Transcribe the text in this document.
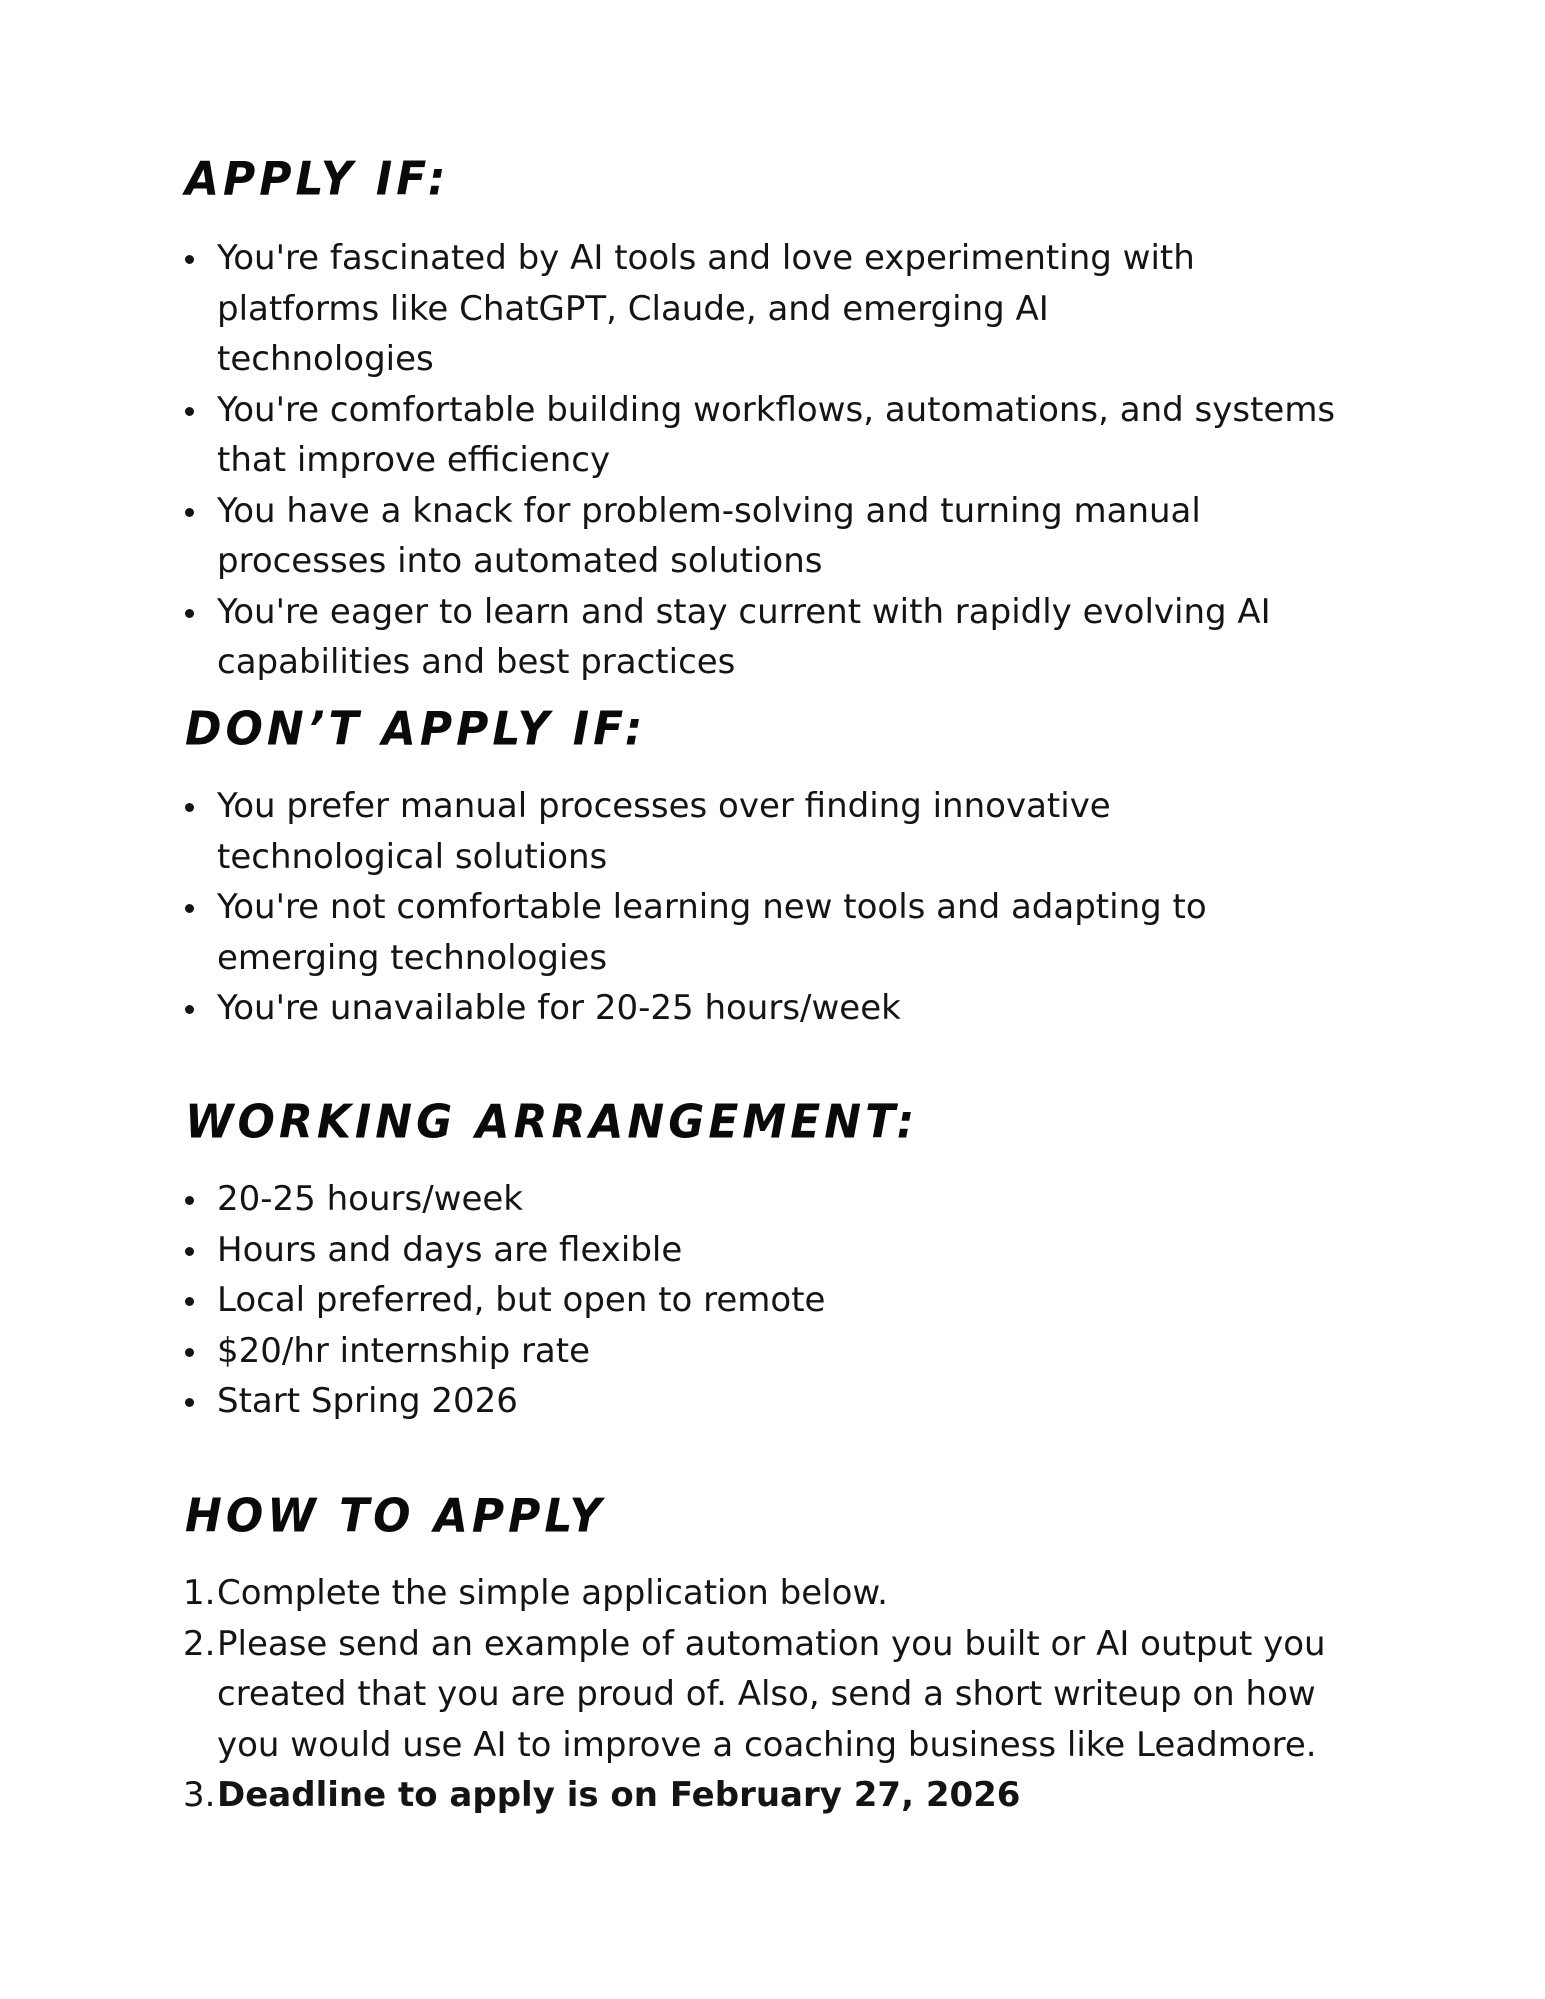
APPLY IF:
You're fascinated by AI tools and love experimenting with platforms like ChatGPT, Claude, and emerging AI technologies
You're comfortable building workflows, automations, and systems that improve efficiency
You have a knack for problem-solving and turning manual processes into automated solutions
You're eager to learn and stay current with rapidly evolving AI capabilities and best practices
DON’T APPLY IF:
You prefer manual processes over finding innovative technological solutions
You're not comfortable learning new tools and adapting to emerging technologies
You're unavailable for 20-25 hours/week
WORKING ARRANGEMENT:
20-25 hours/week
Hours and days are flexible
Local preferred, but open to remote
$20/hr internship rate
Start Spring 2026
HOW TO APPLY
1. Complete the simple application below.
2. Please send an example of automation you built or AI output you created that you are proud of. Also, send a short writeup on how you would use AI to improve a coaching business like Leadmore.
3. Deadline to apply is on February 27, 2026
